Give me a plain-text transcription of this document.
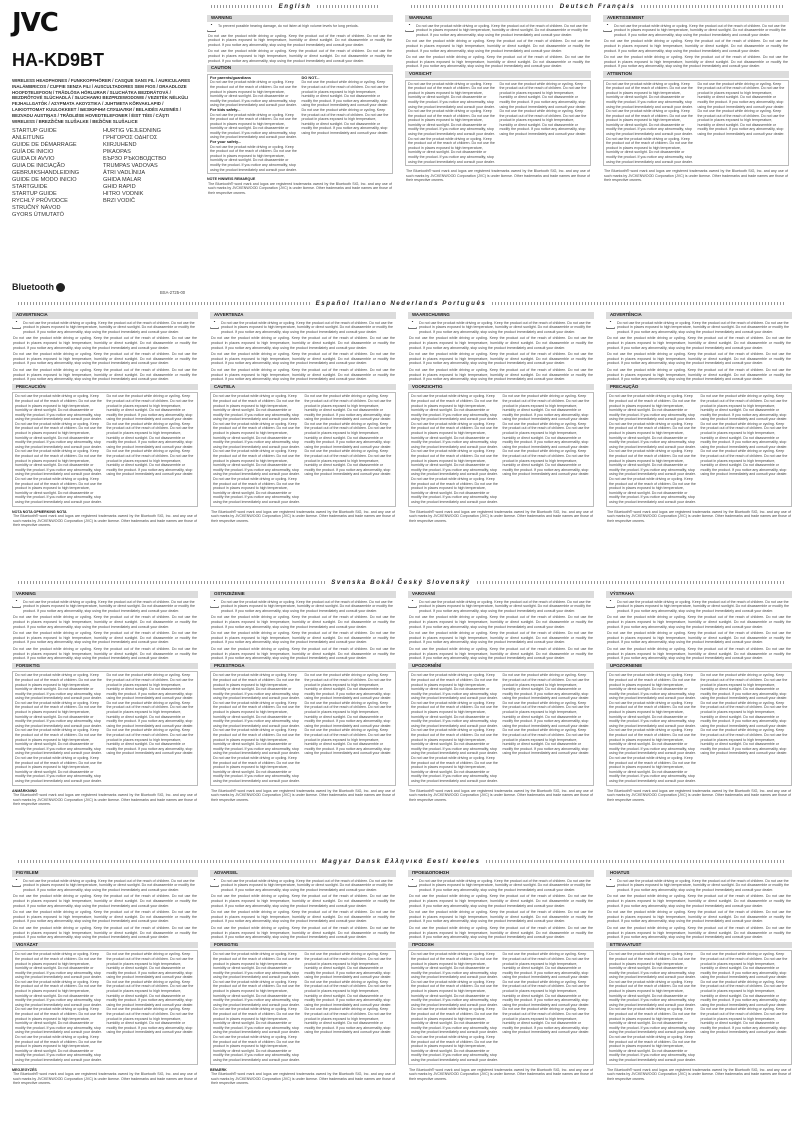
JVC
HA-KD9BT
WIRELESS HEADPHONES / FUNKKOPFHÖRER / CASQUE SANS FIL / AURICULARES INALÁMBRICOS / CUFFIE SENZA FILI / AUSCULTADORES SEM FIOS / DRAADLOZE HOOFDTELEFOON / TRÅDLÖSA HÖRLURAR / SLUCHÁTKA BEZDRÁTOVÁ / BEZDRÔTOVÉ SLÚCHADLÁ / SŁUCHAWKI BEZPRZEWODOWE / VEZETÉK NÉLKÜLI FEJHALLGATÓK / ΑΣΥΡΜΑΤΑ ΑΚΟΥΣΤΙΚΑ / JUHTMETA KÕRVAKLAPID / LAIKIOTTOMAT KUULOKKEET / БЕЗЖИЧНИ СЛУШАЛКИ / BELAIDĖS AUSINĖS / BEZVADU AUSTIŅAS / TRÅDLØSE HOVEDTELEFONER / ÉIST TÉIS / CĂŞTI WIRELESS / BREZŽIČNE SLUŠALKE / BEŽIČNE SLUŠALICE
STARTUP GUIDE
ANLEITUNG
GUIDE DE DÉMARRAGE
GUÍA DE INICIO
GUIDA DI AVVIO
GUIA DE INICIAÇÃO
GEBRUIKSHANDLEIDING
GUIDE DE MODO INICIO
STARTGUIDE
STARTUP GUIDE
RYCHLÝ PRŮVODCE
STRUČNÝ NÁVOD
GYORS ÚTMUTATÓ
HURTIG VEJLEDNING
ΓΡΗΓΟΡΟΣ ΟΔΗΓΟΣ
KIIRJUHEND
PIKAOPAS
БЪРЗО РЪКОВОДСТВО
TRUMPAS VADOVAS
ĀTRI VADLĪNIJA
GHIDA MALAR
GHID RAPID
HITRO VODNIK
BRZI VODIČ
Bluetooth
BSA-2725-00
English	Deutsch Français
WARNING
To prevent possible hearing damage, do not listen at high volume levels for long periods.
Do not use the product while driving or cycling. Keep the product out of the reach of children. Do not use the product in places exposed to high temperature, humidity or direct sunlight. Do not disassemble or modify the product. If you notice any abnormality, stop using the product immediately and consult your dealer.
Do not use the product while driving or cycling. Keep the product out of the reach of children. Do not use the product in places exposed to high temperature, humidity or direct sunlight. Do not disassemble or modify the product. If you notice any abnormality, stop using the product immediately and consult your dealer.
CAUTION
For parents/guardians
Do not use the product while driving or cycling. Keep the product out of the reach of children. Do not use the product in places exposed to high temperature, humidity or direct sunlight. Do not disassemble or modify the product. If you notice any abnormality, stop using the product immediately and consult your dealer.
For kids safety...
Do not use the product while driving or cycling. Keep the product out of the reach of children. Do not use the product in places exposed to high temperature, humidity or direct sunlight. Do not disassemble or modify the product. If you notice any abnormality, stop using the product immediately and consult your dealer.
For your safety...
Do not use the product while driving or cycling. Keep the product out of the reach of children. Do not use the product in places exposed to high temperature, humidity or direct sunlight. Do not disassemble or modify the product. If you notice any abnormality, stop using the product immediately and consult your dealer.
DO NOT...
Do not use the product while driving or cycling. Keep the product out of the reach of children. Do not use the product in places exposed to high temperature, humidity or direct sunlight. Do not disassemble or modify the product. If you notice any abnormality, stop using the product immediately and consult your dealer.
Do not use the product while driving or cycling. Keep the product out of the reach of children. Do not use the product in places exposed to high temperature, humidity or direct sunlight. Do not disassemble or modify the product. If you notice any abnormality, stop using the product immediately and consult your dealer.
NOTE HINWEIS REMARQUE
The Bluetooth® word mark and logos are registered trademarks owned by the Bluetooth SIG, Inc. and any use of such marks by JVCKENWOOD Corporation (JVC) is under license. Other trademarks and trade names are those of their respective owners.
WARNUNG
Do not use the product while driving or cycling. Keep the product out of the reach of children. Do not use the product in places exposed to high temperature, humidity or direct sunlight. Do not disassemble or modify the product. If you notice any abnormality, stop using the product immediately and consult your dealer.
Do not use the product while driving or cycling. Keep the product out of the reach of children. Do not use the product in places exposed to high temperature, humidity or direct sunlight. Do not disassemble or modify the product. If you notice any abnormality, stop using the product immediately and consult your dealer.
Do not use the product while driving or cycling. Keep the product out of the reach of children. Do not use the product in places exposed to high temperature, humidity or direct sunlight. Do not disassemble or modify the product. If you notice any abnormality, stop using the product immediately and consult your dealer.
VORSICHT
Do not use the product while driving or cycling. Keep the product out of the reach of children. Do not use the product in places exposed to high temperature, humidity or direct sunlight. Do not disassemble or modify the product. If you notice any abnormality, stop using the product immediately and consult your dealer.
Do not use the product while driving or cycling. Keep the product out of the reach of children. Do not use the product in places exposed to high temperature, humidity or direct sunlight. Do not disassemble or modify the product. If you notice any abnormality, stop using the product immediately and consult your dealer.
Do not use the product while driving or cycling. Keep the product out of the reach of children. Do not use the product in places exposed to high temperature, humidity or direct sunlight. Do not disassemble or modify the product. If you notice any abnormality, stop using the product immediately and consult your dealer.
Do not use the product while driving or cycling. Keep the product out of the reach of children. Do not use the product in places exposed to high temperature, humidity or direct sunlight. Do not disassemble or modify the product. If you notice any abnormality, stop using the product immediately and consult your dealer.
Do not use the product while driving or cycling. Keep the product out of the reach of children. Do not use the product in places exposed to high temperature, humidity or direct sunlight. Do not disassemble or modify the product. If you notice any abnormality, stop using the product immediately and consult your dealer.
The Bluetooth® word mark and logos are registered trademarks owned by the Bluetooth SIG, Inc. and any use of such marks by JVCKENWOOD Corporation (JVC) is under license. Other trademarks and trade names are those of their respective owners.
AVERTISSEMENT
Do not use the product while driving or cycling. Keep the product out of the reach of children. Do not use the product in places exposed to high temperature, humidity or direct sunlight. Do not disassemble or modify the product. If you notice any abnormality, stop using the product immediately and consult your dealer.
Do not use the product while driving or cycling. Keep the product out of the reach of children. Do not use the product in places exposed to high temperature, humidity or direct sunlight. Do not disassemble or modify the product. If you notice any abnormality, stop using the product immediately and consult your dealer.
Do not use the product while driving or cycling. Keep the product out of the reach of children. Do not use the product in places exposed to high temperature, humidity or direct sunlight. Do not disassemble or modify the product. If you notice any abnormality, stop using the product immediately and consult your dealer.
ATTENTION
Do not use the product while driving or cycling. Keep the product out of the reach of children. Do not use the product in places exposed to high temperature, humidity or direct sunlight. Do not disassemble or modify the product. If you notice any abnormality, stop using the product immediately and consult your dealer.
Do not use the product while driving or cycling. Keep the product out of the reach of children. Do not use the product in places exposed to high temperature, humidity or direct sunlight. Do not disassemble or modify the product. If you notice any abnormality, stop using the product immediately and consult your dealer.
Do not use the product while driving or cycling. Keep the product out of the reach of children. Do not use the product in places exposed to high temperature, humidity or direct sunlight. Do not disassemble or modify the product. If you notice any abnormality, stop using the product immediately and consult your dealer.
Do not use the product while driving or cycling. Keep the product out of the reach of children. Do not use the product in places exposed to high temperature, humidity or direct sunlight. Do not disassemble or modify the product. If you notice any abnormality, stop using the product immediately and consult your dealer.
Do not use the product while driving or cycling. Keep the product out of the reach of children. Do not use the product in places exposed to high temperature, humidity or direct sunlight. Do not disassemble or modify the product. If you notice any abnormality, stop using the product immediately and consult your dealer.
The Bluetooth® word mark and logos are registered trademarks owned by the Bluetooth SIG, Inc. and any use of such marks by JVCKENWOOD Corporation (JVC) is under license. Other trademarks and trade names are those of their respective owners.
Español Italiano Nederlands Português
ADVERTENCIA
Do not use the product while driving or cycling. Keep the product out of the reach of children. Do not use the product in places exposed to high temperature, humidity or direct sunlight. Do not disassemble or modify the product. If you notice any abnormality, stop using the product immediately and consult your dealer.
Do not use the product while driving or cycling. Keep the product out of the reach of children. Do not use the product in places exposed to high temperature, humidity or direct sunlight. Do not disassemble or modify the product. If you notice any abnormality, stop using the product immediately and consult your dealer.
Do not use the product while driving or cycling. Keep the product out of the reach of children. Do not use the product in places exposed to high temperature, humidity or direct sunlight. Do not disassemble or modify the product. If you notice any abnormality, stop using the product immediately and consult your dealer.
Do not use the product while driving or cycling. Keep the product out of the reach of children. Do not use the product in places exposed to high temperature, humidity or direct sunlight. Do not disassemble or modify the product. If you notice any abnormality, stop using the product immediately and consult your dealer.
PRECAUCIÓN
Do not use the product while driving or cycling. Keep the product out of the reach of children. Do not use the product in places exposed to high temperature, humidity or direct sunlight. Do not disassemble or modify the product. If you notice any abnormality, stop using the product immediately and consult your dealer.
Do not use the product while driving or cycling. Keep the product out of the reach of children. Do not use the product in places exposed to high temperature, humidity or direct sunlight. Do not disassemble or modify the product. If you notice any abnormality, stop using the product immediately and consult your dealer.
Do not use the product while driving or cycling. Keep the product out of the reach of children. Do not use the product in places exposed to high temperature, humidity or direct sunlight. Do not disassemble or modify the product. If you notice any abnormality, stop using the product immediately and consult your dealer.
Do not use the product while driving or cycling. Keep the product out of the reach of children. Do not use the product in places exposed to high temperature, humidity or direct sunlight. Do not disassemble or modify the product. If you notice any abnormality, stop using the product immediately and consult your dealer.
Do not use the product while driving or cycling. Keep the product out of the reach of children. Do not use the product in places exposed to high temperature, humidity or direct sunlight. Do not disassemble or modify the product. If you notice any abnormality, stop using the product immediately and consult your dealer.
Do not use the product while driving or cycling. Keep the product out of the reach of children. Do not use the product in places exposed to high temperature, humidity or direct sunlight. Do not disassemble or modify the product. If you notice any abnormality, stop using the product immediately and consult your dealer.
Do not use the product while driving or cycling. Keep the product out of the reach of children. Do not use the product in places exposed to high temperature, humidity or direct sunlight. Do not disassemble or modify the product. If you notice any abnormality, stop using the product immediately and consult your dealer.
NOTA NOTA OPMERKING NOTA
The Bluetooth® word mark and logos are registered trademarks owned by the Bluetooth SIG, Inc. and any use of such marks by JVCKENWOOD Corporation (JVC) is under license. Other trademarks and trade names are those of their respective owners.
AVVERTENZA
Do not use the product while driving or cycling. Keep the product out of the reach of children. Do not use the product in places exposed to high temperature, humidity or direct sunlight. Do not disassemble or modify the product. If you notice any abnormality, stop using the product immediately and consult your dealer.
Do not use the product while driving or cycling. Keep the product out of the reach of children. Do not use the product in places exposed to high temperature, humidity or direct sunlight. Do not disassemble or modify the product. If you notice any abnormality, stop using the product immediately and consult your dealer.
Do not use the product while driving or cycling. Keep the product out of the reach of children. Do not use the product in places exposed to high temperature, humidity or direct sunlight. Do not disassemble or modify the product. If you notice any abnormality, stop using the product immediately and consult your dealer.
Do not use the product while driving or cycling. Keep the product out of the reach of children. Do not use the product in places exposed to high temperature, humidity or direct sunlight. Do not disassemble or modify the product. If you notice any abnormality, stop using the product immediately and consult your dealer.
CAUTELA
Do not use the product while driving or cycling. Keep the product out of the reach of children. Do not use the product in places exposed to high temperature, humidity or direct sunlight. Do not disassemble or modify the product. If you notice any abnormality, stop using the product immediately and consult your dealer.
Do not use the product while driving or cycling. Keep the product out of the reach of children. Do not use the product in places exposed to high temperature, humidity or direct sunlight. Do not disassemble or modify the product. If you notice any abnormality, stop using the product immediately and consult your dealer.
Do not use the product while driving or cycling. Keep the product out of the reach of children. Do not use the product in places exposed to high temperature, humidity or direct sunlight. Do not disassemble or modify the product. If you notice any abnormality, stop using the product immediately and consult your dealer.
Do not use the product while driving or cycling. Keep the product out of the reach of children. Do not use the product in places exposed to high temperature, humidity or direct sunlight. Do not disassemble or modify the product. If you notice any abnormality, stop using the product immediately and consult your dealer.
Do not use the product while driving or cycling. Keep the product out of the reach of children. Do not use the product in places exposed to high temperature, humidity or direct sunlight. Do not disassemble or modify the product. If you notice any abnormality, stop using the product immediately and consult your dealer.
Do not use the product while driving or cycling. Keep the product out of the reach of children. Do not use the product in places exposed to high temperature, humidity or direct sunlight. Do not disassemble or modify the product. If you notice any abnormality, stop using the product immediately and consult your dealer.
Do not use the product while driving or cycling. Keep the product out of the reach of children. Do not use the product in places exposed to high temperature, humidity or direct sunlight. Do not disassemble or modify the product. If you notice any abnormality, stop using the product immediately and consult your dealer.
The Bluetooth® word mark and logos are registered trademarks owned by the Bluetooth SIG, Inc. and any use of such marks by JVCKENWOOD Corporation (JVC) is under license. Other trademarks and trade names are those of their respective owners.
WAARSCHUWING
Do not use the product while driving or cycling. Keep the product out of the reach of children. Do not use the product in places exposed to high temperature, humidity or direct sunlight. Do not disassemble or modify the product. If you notice any abnormality, stop using the product immediately and consult your dealer.
Do not use the product while driving or cycling. Keep the product out of the reach of children. Do not use the product in places exposed to high temperature, humidity or direct sunlight. Do not disassemble or modify the product. If you notice any abnormality, stop using the product immediately and consult your dealer.
Do not use the product while driving or cycling. Keep the product out of the reach of children. Do not use the product in places exposed to high temperature, humidity or direct sunlight. Do not disassemble or modify the product. If you notice any abnormality, stop using the product immediately and consult your dealer.
Do not use the product while driving or cycling. Keep the product out of the reach of children. Do not use the product in places exposed to high temperature, humidity or direct sunlight. Do not disassemble or modify the product. If you notice any abnormality, stop using the product immediately and consult your dealer.
VOORZICHTIG
Do not use the product while driving or cycling. Keep the product out of the reach of children. Do not use the product in places exposed to high temperature, humidity or direct sunlight. Do not disassemble or modify the product. If you notice any abnormality, stop using the product immediately and consult your dealer.
Do not use the product while driving or cycling. Keep the product out of the reach of children. Do not use the product in places exposed to high temperature, humidity or direct sunlight. Do not disassemble or modify the product. If you notice any abnormality, stop using the product immediately and consult your dealer.
Do not use the product while driving or cycling. Keep the product out of the reach of children. Do not use the product in places exposed to high temperature, humidity or direct sunlight. Do not disassemble or modify the product. If you notice any abnormality, stop using the product immediately and consult your dealer.
Do not use the product while driving or cycling. Keep the product out of the reach of children. Do not use the product in places exposed to high temperature, humidity or direct sunlight. Do not disassemble or modify the product. If you notice any abnormality, stop using the product immediately and consult your dealer.
Do not use the product while driving or cycling. Keep the product out of the reach of children. Do not use the product in places exposed to high temperature, humidity or direct sunlight. Do not disassemble or modify the product. If you notice any abnormality, stop using the product immediately and consult your dealer.
Do not use the product while driving or cycling. Keep the product out of the reach of children. Do not use the product in places exposed to high temperature, humidity or direct sunlight. Do not disassemble or modify the product. If you notice any abnormality, stop using the product immediately and consult your dealer.
Do not use the product while driving or cycling. Keep the product out of the reach of children. Do not use the product in places exposed to high temperature, humidity or direct sunlight. Do not disassemble or modify the product. If you notice any abnormality, stop using the product immediately and consult your dealer.
The Bluetooth® word mark and logos are registered trademarks owned by the Bluetooth SIG, Inc. and any use of such marks by JVCKENWOOD Corporation (JVC) is under license. Other trademarks and trade names are those of their respective owners.
ADVERTÊNCIA
Do not use the product while driving or cycling. Keep the product out of the reach of children. Do not use the product in places exposed to high temperature, humidity or direct sunlight. Do not disassemble or modify the product. If you notice any abnormality, stop using the product immediately and consult your dealer.
Do not use the product while driving or cycling. Keep the product out of the reach of children. Do not use the product in places exposed to high temperature, humidity or direct sunlight. Do not disassemble or modify the product. If you notice any abnormality, stop using the product immediately and consult your dealer.
Do not use the product while driving or cycling. Keep the product out of the reach of children. Do not use the product in places exposed to high temperature, humidity or direct sunlight. Do not disassemble or modify the product. If you notice any abnormality, stop using the product immediately and consult your dealer.
Do not use the product while driving or cycling. Keep the product out of the reach of children. Do not use the product in places exposed to high temperature, humidity or direct sunlight. Do not disassemble or modify the product. If you notice any abnormality, stop using the product immediately and consult your dealer.
PRECAUÇÃO
Do not use the product while driving or cycling. Keep the product out of the reach of children. Do not use the product in places exposed to high temperature, humidity or direct sunlight. Do not disassemble or modify the product. If you notice any abnormality, stop using the product immediately and consult your dealer.
Do not use the product while driving or cycling. Keep the product out of the reach of children. Do not use the product in places exposed to high temperature, humidity or direct sunlight. Do not disassemble or modify the product. If you notice any abnormality, stop using the product immediately and consult your dealer.
Do not use the product while driving or cycling. Keep the product out of the reach of children. Do not use the product in places exposed to high temperature, humidity or direct sunlight. Do not disassemble or modify the product. If you notice any abnormality, stop using the product immediately and consult your dealer.
Do not use the product while driving or cycling. Keep the product out of the reach of children. Do not use the product in places exposed to high temperature, humidity or direct sunlight. Do not disassemble or modify the product. If you notice any abnormality, stop using the product immediately and consult your dealer.
Do not use the product while driving or cycling. Keep the product out of the reach of children. Do not use the product in places exposed to high temperature, humidity or direct sunlight. Do not disassemble or modify the product. If you notice any abnormality, stop using the product immediately and consult your dealer.
Do not use the product while driving or cycling. Keep the product out of the reach of children. Do not use the product in places exposed to high temperature, humidity or direct sunlight. Do not disassemble or modify the product. If you notice any abnormality, stop using the product immediately and consult your dealer.
Do not use the product while driving or cycling. Keep the product out of the reach of children. Do not use the product in places exposed to high temperature, humidity or direct sunlight. Do not disassemble or modify the product. If you notice any abnormality, stop using the product immediately and consult your dealer.
The Bluetooth® word mark and logos are registered trademarks owned by the Bluetooth SIG, Inc. and any use of such marks by JVCKENWOOD Corporation (JVC) is under license. Other trademarks and trade names are those of their respective owners.
Svenska Bokål Český Slovenský
VARNING
Do not use the product while driving or cycling. Keep the product out of the reach of children. Do not use the product in places exposed to high temperature, humidity or direct sunlight. Do not disassemble or modify the product. If you notice any abnormality, stop using the product immediately and consult your dealer.
Do not use the product while driving or cycling. Keep the product out of the reach of children. Do not use the product in places exposed to high temperature, humidity or direct sunlight. Do not disassemble or modify the product. If you notice any abnormality, stop using the product immediately and consult your dealer.
Do not use the product while driving or cycling. Keep the product out of the reach of children. Do not use the product in places exposed to high temperature, humidity or direct sunlight. Do not disassemble or modify the product. If you notice any abnormality, stop using the product immediately and consult your dealer.
Do not use the product while driving or cycling. Keep the product out of the reach of children. Do not use the product in places exposed to high temperature, humidity or direct sunlight. Do not disassemble or modify the product. If you notice any abnormality, stop using the product immediately and consult your dealer.
FORSIKTIG
Do not use the product while driving or cycling. Keep the product out of the reach of children. Do not use the product in places exposed to high temperature, humidity or direct sunlight. Do not disassemble or modify the product. If you notice any abnormality, stop using the product immediately and consult your dealer.
Do not use the product while driving or cycling. Keep the product out of the reach of children. Do not use the product in places exposed to high temperature, humidity or direct sunlight. Do not disassemble or modify the product. If you notice any abnormality, stop using the product immediately and consult your dealer.
Do not use the product while driving or cycling. Keep the product out of the reach of children. Do not use the product in places exposed to high temperature, humidity or direct sunlight. Do not disassemble or modify the product. If you notice any abnormality, stop using the product immediately and consult your dealer.
Do not use the product while driving or cycling. Keep the product out of the reach of children. Do not use the product in places exposed to high temperature, humidity or direct sunlight. Do not disassemble or modify the product. If you notice any abnormality, stop using the product immediately and consult your dealer.
Do not use the product while driving or cycling. Keep the product out of the reach of children. Do not use the product in places exposed to high temperature, humidity or direct sunlight. Do not disassemble or modify the product. If you notice any abnormality, stop using the product immediately and consult your dealer.
Do not use the product while driving or cycling. Keep the product out of the reach of children. Do not use the product in places exposed to high temperature, humidity or direct sunlight. Do not disassemble or modify the product. If you notice any abnormality, stop using the product immediately and consult your dealer.
Do not use the product while driving or cycling. Keep the product out of the reach of children. Do not use the product in places exposed to high temperature, humidity or direct sunlight. Do not disassemble or modify the product. If you notice any abnormality, stop using the product immediately and consult your dealer.
ANMÄRKNING
The Bluetooth® word mark and logos are registered trademarks owned by the Bluetooth SIG, Inc. and any use of such marks by JVCKENWOOD Corporation (JVC) is under license. Other trademarks and trade names are those of their respective owners.
OSTRZEŻENIE
Do not use the product while driving or cycling. Keep the product out of the reach of children. Do not use the product in places exposed to high temperature, humidity or direct sunlight. Do not disassemble or modify the product. If you notice any abnormality, stop using the product immediately and consult your dealer.
Do not use the product while driving or cycling. Keep the product out of the reach of children. Do not use the product in places exposed to high temperature, humidity or direct sunlight. Do not disassemble or modify the product. If you notice any abnormality, stop using the product immediately and consult your dealer.
Do not use the product while driving or cycling. Keep the product out of the reach of children. Do not use the product in places exposed to high temperature, humidity or direct sunlight. Do not disassemble or modify the product. If you notice any abnormality, stop using the product immediately and consult your dealer.
Do not use the product while driving or cycling. Keep the product out of the reach of children. Do not use the product in places exposed to high temperature, humidity or direct sunlight. Do not disassemble or modify the product. If you notice any abnormality, stop using the product immediately and consult your dealer.
PRZESTROGA
Do not use the product while driving or cycling. Keep the product out of the reach of children. Do not use the product in places exposed to high temperature, humidity or direct sunlight. Do not disassemble or modify the product. If you notice any abnormality, stop using the product immediately and consult your dealer.
Do not use the product while driving or cycling. Keep the product out of the reach of children. Do not use the product in places exposed to high temperature, humidity or direct sunlight. Do not disassemble or modify the product. If you notice any abnormality, stop using the product immediately and consult your dealer.
Do not use the product while driving or cycling. Keep the product out of the reach of children. Do not use the product in places exposed to high temperature, humidity or direct sunlight. Do not disassemble or modify the product. If you notice any abnormality, stop using the product immediately and consult your dealer.
Do not use the product while driving or cycling. Keep the product out of the reach of children. Do not use the product in places exposed to high temperature, humidity or direct sunlight. Do not disassemble or modify the product. If you notice any abnormality, stop using the product immediately and consult your dealer.
Do not use the product while driving or cycling. Keep the product out of the reach of children. Do not use the product in places exposed to high temperature, humidity or direct sunlight. Do not disassemble or modify the product. If you notice any abnormality, stop using the product immediately and consult your dealer.
Do not use the product while driving or cycling. Keep the product out of the reach of children. Do not use the product in places exposed to high temperature, humidity or direct sunlight. Do not disassemble or modify the product. If you notice any abnormality, stop using the product immediately and consult your dealer.
Do not use the product while driving or cycling. Keep the product out of the reach of children. Do not use the product in places exposed to high temperature, humidity or direct sunlight. Do not disassemble or modify the product. If you notice any abnormality, stop using the product immediately and consult your dealer.
The Bluetooth® word mark and logos are registered trademarks owned by the Bluetooth SIG, Inc. and any use of such marks by JVCKENWOOD Corporation (JVC) is under license. Other trademarks and trade names are those of their respective owners.
VAROVÁNÍ
Do not use the product while driving or cycling. Keep the product out of the reach of children. Do not use the product in places exposed to high temperature, humidity or direct sunlight. Do not disassemble or modify the product. If you notice any abnormality, stop using the product immediately and consult your dealer.
Do not use the product while driving or cycling. Keep the product out of the reach of children. Do not use the product in places exposed to high temperature, humidity or direct sunlight. Do not disassemble or modify the product. If you notice any abnormality, stop using the product immediately and consult your dealer.
Do not use the product while driving or cycling. Keep the product out of the reach of children. Do not use the product in places exposed to high temperature, humidity or direct sunlight. Do not disassemble or modify the product. If you notice any abnormality, stop using the product immediately and consult your dealer.
Do not use the product while driving or cycling. Keep the product out of the reach of children. Do not use the product in places exposed to high temperature, humidity or direct sunlight. Do not disassemble or modify the product. If you notice any abnormality, stop using the product immediately and consult your dealer.
UPOZORNĚNÍ
Do not use the product while driving or cycling. Keep the product out of the reach of children. Do not use the product in places exposed to high temperature, humidity or direct sunlight. Do not disassemble or modify the product. If you notice any abnormality, stop using the product immediately and consult your dealer.
Do not use the product while driving or cycling. Keep the product out of the reach of children. Do not use the product in places exposed to high temperature, humidity or direct sunlight. Do not disassemble or modify the product. If you notice any abnormality, stop using the product immediately and consult your dealer.
Do not use the product while driving or cycling. Keep the product out of the reach of children. Do not use the product in places exposed to high temperature, humidity or direct sunlight. Do not disassemble or modify the product. If you notice any abnormality, stop using the product immediately and consult your dealer.
Do not use the product while driving or cycling. Keep the product out of the reach of children. Do not use the product in places exposed to high temperature, humidity or direct sunlight. Do not disassemble or modify the product. If you notice any abnormality, stop using the product immediately and consult your dealer.
Do not use the product while driving or cycling. Keep the product out of the reach of children. Do not use the product in places exposed to high temperature, humidity or direct sunlight. Do not disassemble or modify the product. If you notice any abnormality, stop using the product immediately and consult your dealer.
Do not use the product while driving or cycling. Keep the product out of the reach of children. Do not use the product in places exposed to high temperature, humidity or direct sunlight. Do not disassemble or modify the product. If you notice any abnormality, stop using the product immediately and consult your dealer.
Do not use the product while driving or cycling. Keep the product out of the reach of children. Do not use the product in places exposed to high temperature, humidity or direct sunlight. Do not disassemble or modify the product. If you notice any abnormality, stop using the product immediately and consult your dealer.
The Bluetooth® word mark and logos are registered trademarks owned by the Bluetooth SIG, Inc. and any use of such marks by JVCKENWOOD Corporation (JVC) is under license. Other trademarks and trade names are those of their respective owners.
VÝSTRAHA
Do not use the product while driving or cycling. Keep the product out of the reach of children. Do not use the product in places exposed to high temperature, humidity or direct sunlight. Do not disassemble or modify the product. If you notice any abnormality, stop using the product immediately and consult your dealer.
Do not use the product while driving or cycling. Keep the product out of the reach of children. Do not use the product in places exposed to high temperature, humidity or direct sunlight. Do not disassemble or modify the product. If you notice any abnormality, stop using the product immediately and consult your dealer.
Do not use the product while driving or cycling. Keep the product out of the reach of children. Do not use the product in places exposed to high temperature, humidity or direct sunlight. Do not disassemble or modify the product. If you notice any abnormality, stop using the product immediately and consult your dealer.
Do not use the product while driving or cycling. Keep the product out of the reach of children. Do not use the product in places exposed to high temperature, humidity or direct sunlight. Do not disassemble or modify the product. If you notice any abnormality, stop using the product immediately and consult your dealer.
UPOZORNENIE
Do not use the product while driving or cycling. Keep the product out of the reach of children. Do not use the product in places exposed to high temperature, humidity or direct sunlight. Do not disassemble or modify the product. If you notice any abnormality, stop using the product immediately and consult your dealer.
Do not use the product while driving or cycling. Keep the product out of the reach of children. Do not use the product in places exposed to high temperature, humidity or direct sunlight. Do not disassemble or modify the product. If you notice any abnormality, stop using the product immediately and consult your dealer.
Do not use the product while driving or cycling. Keep the product out of the reach of children. Do not use the product in places exposed to high temperature, humidity or direct sunlight. Do not disassemble or modify the product. If you notice any abnormality, stop using the product immediately and consult your dealer.
Do not use the product while driving or cycling. Keep the product out of the reach of children. Do not use the product in places exposed to high temperature, humidity or direct sunlight. Do not disassemble or modify the product. If you notice any abnormality, stop using the product immediately and consult your dealer.
Do not use the product while driving or cycling. Keep the product out of the reach of children. Do not use the product in places exposed to high temperature, humidity or direct sunlight. Do not disassemble or modify the product. If you notice any abnormality, stop using the product immediately and consult your dealer.
Do not use the product while driving or cycling. Keep the product out of the reach of children. Do not use the product in places exposed to high temperature, humidity or direct sunlight. Do not disassemble or modify the product. If you notice any abnormality, stop using the product immediately and consult your dealer.
Do not use the product while driving or cycling. Keep the product out of the reach of children. Do not use the product in places exposed to high temperature, humidity or direct sunlight. Do not disassemble or modify the product. If you notice any abnormality, stop using the product immediately and consult your dealer.
The Bluetooth® word mark and logos are registered trademarks owned by the Bluetooth SIG, Inc. and any use of such marks by JVCKENWOOD Corporation (JVC) is under license. Other trademarks and trade names are those of their respective owners.
Magyar Dansk Ελληνικά Eesti keeles
FIGYELEM
Do not use the product while driving or cycling. Keep the product out of the reach of children. Do not use the product in places exposed to high temperature, humidity or direct sunlight. Do not disassemble or modify the product. If you notice any abnormality, stop using the product immediately and consult your dealer.
Do not use the product while driving or cycling. Keep the product out of the reach of children. Do not use the product in places exposed to high temperature, humidity or direct sunlight. Do not disassemble or modify the product. If you notice any abnormality, stop using the product immediately and consult your dealer.
Do not use the product while driving or cycling. Keep the product out of the reach of children. Do not use the product in places exposed to high temperature, humidity or direct sunlight. Do not disassemble or modify the product. If you notice any abnormality, stop using the product immediately and consult your dealer.
Do not use the product while driving or cycling. Keep the product out of the reach of children. Do not use the product in places exposed to high temperature, humidity or direct sunlight. Do not disassemble or modify the product. If you notice any abnormality, stop using the product immediately and consult your dealer.
VIGYÁZAT
Do not use the product while driving or cycling. Keep the product out of the reach of children. Do not use the product in places exposed to high temperature, humidity or direct sunlight. Do not disassemble or modify the product. If you notice any abnormality, stop using the product immediately and consult your dealer.
Do not use the product while driving or cycling. Keep the product out of the reach of children. Do not use the product in places exposed to high temperature, humidity or direct sunlight. Do not disassemble or modify the product. If you notice any abnormality, stop using the product immediately and consult your dealer.
Do not use the product while driving or cycling. Keep the product out of the reach of children. Do not use the product in places exposed to high temperature, humidity or direct sunlight. Do not disassemble or modify the product. If you notice any abnormality, stop using the product immediately and consult your dealer.
Do not use the product while driving or cycling. Keep the product out of the reach of children. Do not use the product in places exposed to high temperature, humidity or direct sunlight. Do not disassemble or modify the product. If you notice any abnormality, stop using the product immediately and consult your dealer.
Do not use the product while driving or cycling. Keep the product out of the reach of children. Do not use the product in places exposed to high temperature, humidity or direct sunlight. Do not disassemble or modify the product. If you notice any abnormality, stop using the product immediately and consult your dealer.
Do not use the product while driving or cycling. Keep the product out of the reach of children. Do not use the product in places exposed to high temperature, humidity or direct sunlight. Do not disassemble or modify the product. If you notice any abnormality, stop using the product immediately and consult your dealer.
Do not use the product while driving or cycling. Keep the product out of the reach of children. Do not use the product in places exposed to high temperature, humidity or direct sunlight. Do not disassemble or modify the product. If you notice any abnormality, stop using the product immediately and consult your dealer.
MEGJEGYZÉS
The Bluetooth® word mark and logos are registered trademarks owned by the Bluetooth SIG, Inc. and any use of such marks by JVCKENWOOD Corporation (JVC) is under license. Other trademarks and trade names are those of their respective owners.
ADVARSEL
Do not use the product while driving or cycling. Keep the product out of the reach of children. Do not use the product in places exposed to high temperature, humidity or direct sunlight. Do not disassemble or modify the product. If you notice any abnormality, stop using the product immediately and consult your dealer.
Do not use the product while driving or cycling. Keep the product out of the reach of children. Do not use the product in places exposed to high temperature, humidity or direct sunlight. Do not disassemble or modify the product. If you notice any abnormality, stop using the product immediately and consult your dealer.
Do not use the product while driving or cycling. Keep the product out of the reach of children. Do not use the product in places exposed to high temperature, humidity or direct sunlight. Do not disassemble or modify the product. If you notice any abnormality, stop using the product immediately and consult your dealer.
Do not use the product while driving or cycling. Keep the product out of the reach of children. Do not use the product in places exposed to high temperature, humidity or direct sunlight. Do not disassemble or modify the product. If you notice any abnormality, stop using the product immediately and consult your dealer.
FORSIGTIG
Do not use the product while driving or cycling. Keep the product out of the reach of children. Do not use the product in places exposed to high temperature, humidity or direct sunlight. Do not disassemble or modify the product. If you notice any abnormality, stop using the product immediately and consult your dealer.
Do not use the product while driving or cycling. Keep the product out of the reach of children. Do not use the product in places exposed to high temperature, humidity or direct sunlight. Do not disassemble or modify the product. If you notice any abnormality, stop using the product immediately and consult your dealer.
Do not use the product while driving or cycling. Keep the product out of the reach of children. Do not use the product in places exposed to high temperature, humidity or direct sunlight. Do not disassemble or modify the product. If you notice any abnormality, stop using the product immediately and consult your dealer.
Do not use the product while driving or cycling. Keep the product out of the reach of children. Do not use the product in places exposed to high temperature, humidity or direct sunlight. Do not disassemble or modify the product. If you notice any abnormality, stop using the product immediately and consult your dealer.
Do not use the product while driving or cycling. Keep the product out of the reach of children. Do not use the product in places exposed to high temperature, humidity or direct sunlight. Do not disassemble or modify the product. If you notice any abnormality, stop using the product immediately and consult your dealer.
Do not use the product while driving or cycling. Keep the product out of the reach of children. Do not use the product in places exposed to high temperature, humidity or direct sunlight. Do not disassemble or modify the product. If you notice any abnormality, stop using the product immediately and consult your dealer.
Do not use the product while driving or cycling. Keep the product out of the reach of children. Do not use the product in places exposed to high temperature, humidity or direct sunlight. Do not disassemble or modify the product. If you notice any abnormality, stop using the product immediately and consult your dealer.
BEMÆRK
The Bluetooth® word mark and logos are registered trademarks owned by the Bluetooth SIG, Inc. and any use of such marks by JVCKENWOOD Corporation (JVC) is under license. Other trademarks and trade names are those of their respective owners.
ΠΡΟΕΙΔΟΠΟΙΗΣΗ
Do not use the product while driving or cycling. Keep the product out of the reach of children. Do not use the product in places exposed to high temperature, humidity or direct sunlight. Do not disassemble or modify the product. If you notice any abnormality, stop using the product immediately and consult your dealer.
Do not use the product while driving or cycling. Keep the product out of the reach of children. Do not use the product in places exposed to high temperature, humidity or direct sunlight. Do not disassemble or modify the product. If you notice any abnormality, stop using the product immediately and consult your dealer.
Do not use the product while driving or cycling. Keep the product out of the reach of children. Do not use the product in places exposed to high temperature, humidity or direct sunlight. Do not disassemble or modify the product. If you notice any abnormality, stop using the product immediately and consult your dealer.
Do not use the product while driving or cycling. Keep the product out of the reach of children. Do not use the product in places exposed to high temperature, humidity or direct sunlight. Do not disassemble or modify the product. If you notice any abnormality, stop using the product immediately and consult your dealer.
ΠΡΟΣΟΧΗ
Do not use the product while driving or cycling. Keep the product out of the reach of children. Do not use the product in places exposed to high temperature, humidity or direct sunlight. Do not disassemble or modify the product. If you notice any abnormality, stop using the product immediately and consult your dealer.
Do not use the product while driving or cycling. Keep the product out of the reach of children. Do not use the product in places exposed to high temperature, humidity or direct sunlight. Do not disassemble or modify the product. If you notice any abnormality, stop using the product immediately and consult your dealer.
Do not use the product while driving or cycling. Keep the product out of the reach of children. Do not use the product in places exposed to high temperature, humidity or direct sunlight. Do not disassemble or modify the product. If you notice any abnormality, stop using the product immediately and consult your dealer.
Do not use the product while driving or cycling. Keep the product out of the reach of children. Do not use the product in places exposed to high temperature, humidity or direct sunlight. Do not disassemble or modify the product. If you notice any abnormality, stop using the product immediately and consult your dealer.
Do not use the product while driving or cycling. Keep the product out of the reach of children. Do not use the product in places exposed to high temperature, humidity or direct sunlight. Do not disassemble or modify the product. If you notice any abnormality, stop using the product immediately and consult your dealer.
Do not use the product while driving or cycling. Keep the product out of the reach of children. Do not use the product in places exposed to high temperature, humidity or direct sunlight. Do not disassemble or modify the product. If you notice any abnormality, stop using the product immediately and consult your dealer.
Do not use the product while driving or cycling. Keep the product out of the reach of children. Do not use the product in places exposed to high temperature, humidity or direct sunlight. Do not disassemble or modify the product. If you notice any abnormality, stop using the product immediately and consult your dealer.
The Bluetooth® word mark and logos are registered trademarks owned by the Bluetooth SIG, Inc. and any use of such marks by JVCKENWOOD Corporation (JVC) is under license. Other trademarks and trade names are those of their respective owners.
HOIATUS
Do not use the product while driving or cycling. Keep the product out of the reach of children. Do not use the product in places exposed to high temperature, humidity or direct sunlight. Do not disassemble or modify the product. If you notice any abnormality, stop using the product immediately and consult your dealer.
Do not use the product while driving or cycling. Keep the product out of the reach of children. Do not use the product in places exposed to high temperature, humidity or direct sunlight. Do not disassemble or modify the product. If you notice any abnormality, stop using the product immediately and consult your dealer.
Do not use the product while driving or cycling. Keep the product out of the reach of children. Do not use the product in places exposed to high temperature, humidity or direct sunlight. Do not disassemble or modify the product. If you notice any abnormality, stop using the product immediately and consult your dealer.
Do not use the product while driving or cycling. Keep the product out of the reach of children. Do not use the product in places exposed to high temperature, humidity or direct sunlight. Do not disassemble or modify the product. If you notice any abnormality, stop using the product immediately and consult your dealer.
ETTEVAATUST
Do not use the product while driving or cycling. Keep the product out of the reach of children. Do not use the product in places exposed to high temperature, humidity or direct sunlight. Do not disassemble or modify the product. If you notice any abnormality, stop using the product immediately and consult your dealer.
Do not use the product while driving or cycling. Keep the product out of the reach of children. Do not use the product in places exposed to high temperature, humidity or direct sunlight. Do not disassemble or modify the product. If you notice any abnormality, stop using the product immediately and consult your dealer.
Do not use the product while driving or cycling. Keep the product out of the reach of children. Do not use the product in places exposed to high temperature, humidity or direct sunlight. Do not disassemble or modify the product. If you notice any abnormality, stop using the product immediately and consult your dealer.
Do not use the product while driving or cycling. Keep the product out of the reach of children. Do not use the product in places exposed to high temperature, humidity or direct sunlight. Do not disassemble or modify the product. If you notice any abnormality, stop using the product immediately and consult your dealer.
Do not use the product while driving or cycling. Keep the product out of the reach of children. Do not use the product in places exposed to high temperature, humidity or direct sunlight. Do not disassemble or modify the product. If you notice any abnormality, stop using the product immediately and consult your dealer.
Do not use the product while driving or cycling. Keep the product out of the reach of children. Do not use the product in places exposed to high temperature, humidity or direct sunlight. Do not disassemble or modify the product. If you notice any abnormality, stop using the product immediately and consult your dealer.
Do not use the product while driving or cycling. Keep the product out of the reach of children. Do not use the product in places exposed to high temperature, humidity or direct sunlight. Do not disassemble or modify the product. If you notice any abnormality, stop using the product immediately and consult your dealer.
The Bluetooth® word mark and logos are registered trademarks owned by the Bluetooth SIG, Inc. and any use of such marks by JVCKENWOOD Corporation (JVC) is under license. Other trademarks and trade names are those of their respective owners.
